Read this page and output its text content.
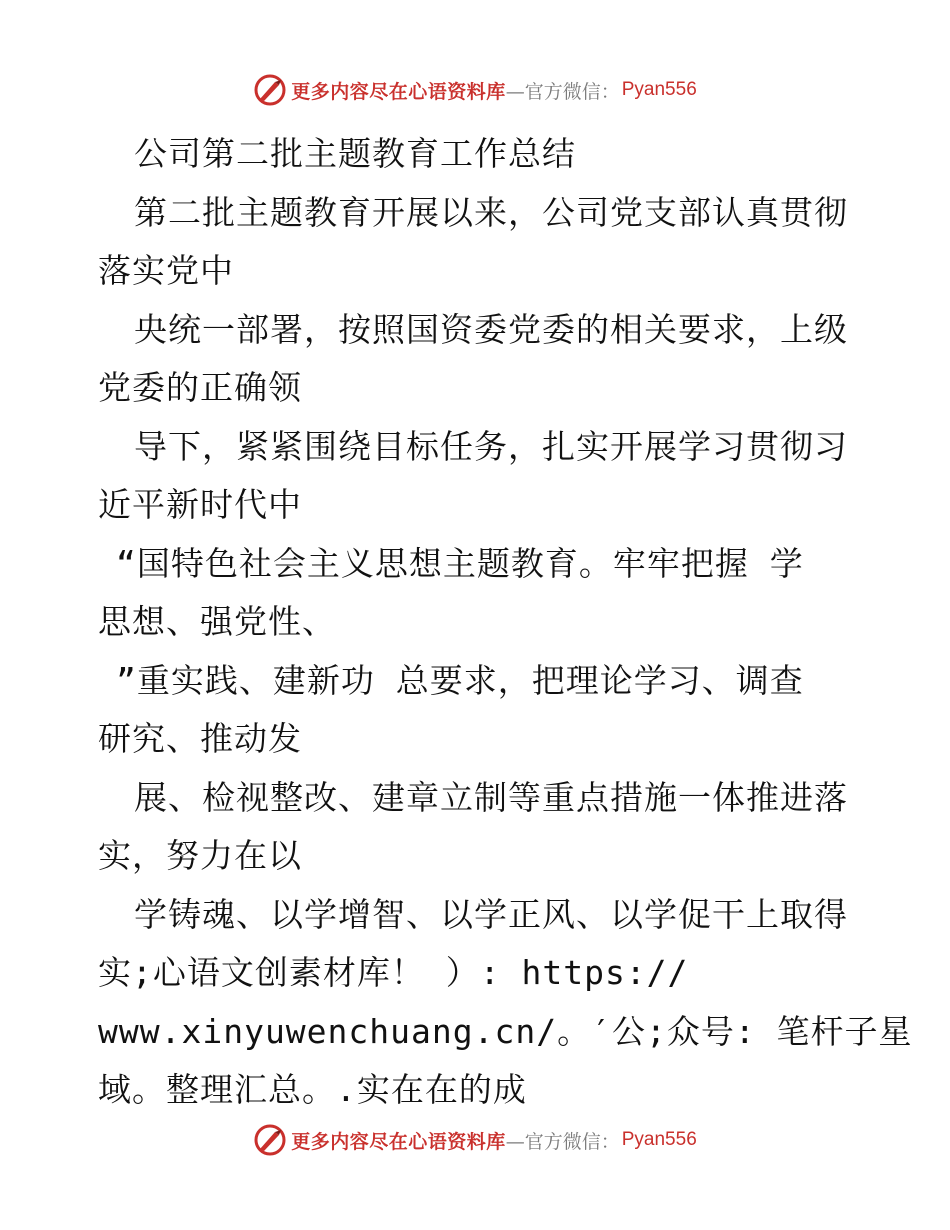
更多内容尽在心语资料库 —官方微信： Pyan556
公司第二批主题教育工作总结
第二批主题教育开展以来，公司党支部认真贯彻
落实党中
央统一部署，按照国资委党委的相关要求，上级
党委的正确领
导下，紧紧围绕目标任务，扎实开展学习贯彻习
近平新时代中
“国特色社会主义思想主题教育。牢牢把握 学
思想、强党性、
”重实践、建新功 总要求，把理论学习、调查
研究、推动发
展、检视整改、建章立制等重点措施一体推进落
实，努力在以
学铸魂、以学增智、以学正风、以学促干上取得
实;心语文创素材库！ ）: https://
www.xinyuwenchuang.cn/。′公;众号: 笔杆子星
域。整理汇总。.实在在的成
更多内容尽在心语资料库 —官方微信： Pyan556
